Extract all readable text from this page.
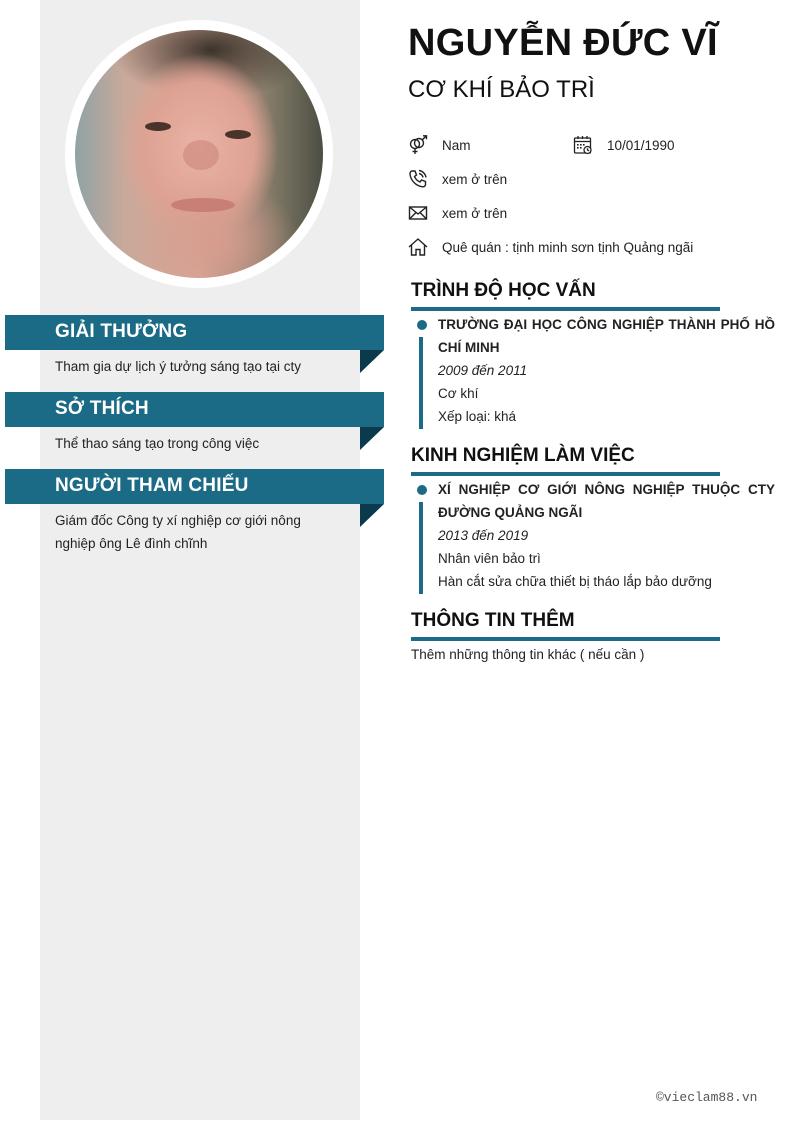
GIẢI THƯỞNG
Tham gia dự lịch ý tưởng sáng tạo tại cty
SỞ THÍCH
Thể thao sáng tạo trong công việc
NGƯỜI THAM CHIẾU
Giám đốc Công ty xí nghiệp cơ giới nông nghiệp ông Lê đình chĩnh
NGUYỄN ĐỨC VĨ
CƠ KHÍ BẢO TRÌ
Nam	10/01/1990
xem ở trên
xem ở trên
Quê quán : tịnh minh sơn tịnh Quảng ngãi
TRÌNH ĐỘ HỌC VẤN
TRƯỜNG ĐẠI HỌC CÔNG NGHIỆP THÀNH PHỐ HỒ CHÍ MINH
2009 đến 2011
Cơ khí
Xếp loại: khá
KINH NGHIỆM LÀM VIỆC
XÍ NGHIỆP CƠ GIỚI NÔNG NGHIỆP THUỘC CTY ĐƯỜNG QUẢNG NGÃI
2013 đến 2019
Nhân viên bảo trì
Hàn cắt sửa chữa thiết bị tháo lắp bảo dưỡng
THÔNG TIN THÊM
Thêm những thông tin khác ( nếu cần )
©vieclam88.vn
